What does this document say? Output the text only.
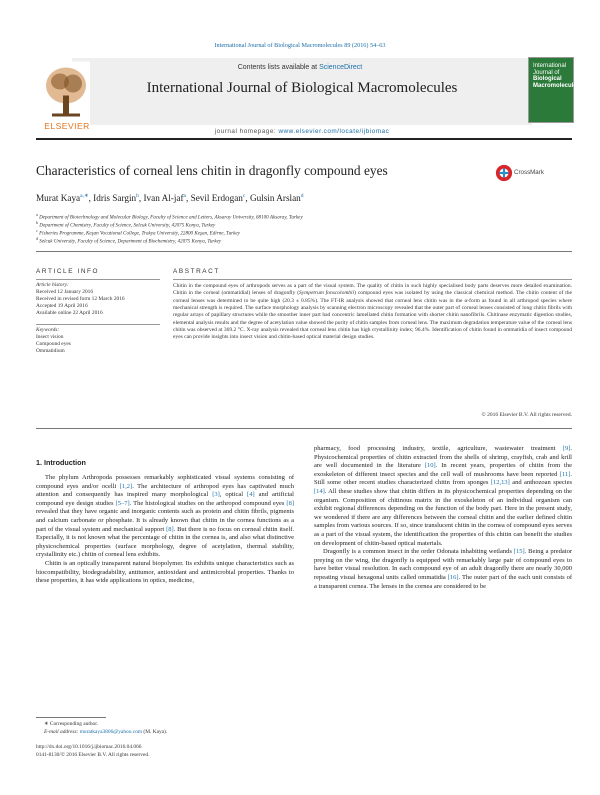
International Journal of Biological Macromolecules 89 (2016) 54–63
Contents lists available at ScienceDirect
International Journal of Biological Macromolecules
ELSEVIER
International Journal of
Biological
Macromolecules
journal homepage: www.elsevier.com/locate/ijbiomac
Characteristics of corneal lens chitin in dragonfly compound eyes	CrossMark
Murat Kaya$^{a,∗}$, Idris Sargin$^b$, Ivan Al-jaf$^a$, Sevil Erdogan$^c$, Gulsin Arslan$^d$
$^a$ Department of Biotechnology and Molecular Biology, Faculty of Science and Letters, Aksaray University, 68100 Aksaray, Turkey
$^b$ Department of Chemistry, Faculty of Science, Selcuk University, 42075 Konya, Turkey
$^c$ Fisheries Programme, Keşan Vocational College, Trakya University, 22800 Keşan, Edirne, Turkey
$^d$ Selcuk University, Faculty of Science, Department of Biochemistry, 42075 Konya, Turkey
ARTICLE INFO
Article history:
Received 12 January 2016
Received in revised form 12 March 2016
Accepted 19 April 2016
Available online 22 April 2016
Keywords:
Insect vision
Compound eyes
Ommatidium
ABSTRACT
Chitin in the compound eyes of arthropods serves as a part of the visual system. The quality of chitin in such highly specialised body parts deserves more detailed examination. Chitin in the corneal (ommatidial) lenses of dragonfly (Sympetrum fonscolombii) compound eyes was isolated by using the classical chemical method. The chitin content of the corneal lenses was determined to be quite high (20.3 ± 0.85%). The FT-IR analysis showed that corneal lens chitin was in the α-form as found in all arthropod species where mechanical strength is required. The surface morphology analysis by scanning electron microscopy revealed that the outer part of corneal lenses consisted of long chitin fibrils with regular arrays of papillary structures while the smoother inner part had concentric lamellated chitin formation with shorter chitin nanofibrils. Chitinase enzymatic digestion studies, elemental analysis results and the degree of acetylation value showed the purity of chitin samples from corneal lens. The maximum degradation temperature value of the corneal lens chitin was observed at 369.2 °C. X-ray analysis revealed that corneal lens chitin has high crystallinity index; 96.4%. Identification of chitin found in ommatidia of insect compound eyes can provide insights into insect vision and chitin-based optical material design studies.
© 2016 Elsevier B.V. All rights reserved.
1. Introduction

The phylum Arthropoda possesses remarkably sophisticated visual systems consisting of compound eyes and/or ocelli [1,2]. The architecture of arthropod eyes has captivated much attention and consequently has inspired many morphological [3], optical [4] and artificial compound eye design studies [5–7]. The histological studies on the arthropod compound eyes [8] revealed that they have organic and inorganic contents such as protein and chitin fibrils, pigments and calcium carbonate or phosphate. It is already known that chitin in the cornea functions as a part of the visual system and mechanical support [8]. But there is no focus on corneal chitin itself. Especially, it is not known what the percentage of chitin in the cornea is, and also what distinctive physicochemical properties (surface morphology, degree of acetylation, thermal stability, crystallinity etc.) chitin of corneal lens exhibits.

Chitin is an optically transparent natural biopolymer. Its exhibits unique characteristics such as biocompatibility, biodegradability, antitumor, antioxidant and antimicrobial properties. Thanks to these properties, it has wide applications in optics, medicine,

pharmacy, food processing industry, textile, agriculture, wastewater treatment [9]. Physicochemical properties of chitin extracted from the shells of shrimp, crayfish, crab and krill are well documented in the literature [10]. In recent years, properties of chitin from the exoskeleton of different insect species and the cell wall of mushrooms have been reported [11]. Still some other recent studies characterized chitin from sponges [12,13] and anthozoan species [14]. All these studies show that chitin differs in its physicochemical properties depending on the organism. Composition of chitinous matrix in the exoskeleton of an individual organism can exhibit regional differences depending on the function of the body part. Here in the present study, we wondered if there are any differences between the corneal chitin and the earlier defined chitin samples from various sources. If so, since translucent chitin in the cornea of compound eyes serves as a part of the visual system, the identification the properties of this chitin can benefit the studies on development of chitin-based optical materials.

Dragonfly is a common insect in the order Odonata inhabiting wetlands [15]. Being a predator preying on the wing, the dragonfly is equipped with remarkably large pair of compound eyes to have better visual resolution. In each compound eye of an adult dragonfly there are nearly 30,000 repeating visual hexagonal units called ommatidia [16]. The outer part of the each unit consists of a transparent cornea. The lenses in the cornea are considered to be

∗ Corresponding author.
E-mail address: muratkaya3806@yahoo.com (M. Kaya).
http://dx.doi.org/10.1016/j.ijbiomac.2016.04.066
0141-8130/© 2016 Elsevier B.V. All rights reserved.
